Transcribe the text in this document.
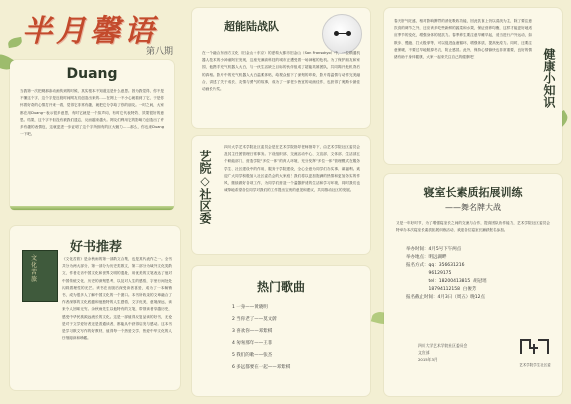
半月馨语
第八期
Duang
当我第一次把刷那条动画传到的时候，其实根本不知道这是什么意思。因为我觉得，你不是不懂这个字，这个字是近段时间网友们创造出来的……在网上一不小心就看到了它，于是你怀着好奇的心情打开来一看，觉得它非常有趣，就把它分享给了你的朋友。一时之间，大家都在用Duang~表示很多意思，有时它就是一个拟声词，有时它代表特效、效果很好的意思。结果，这个字不但没有被我们遗忘，反而越来越火。网友们利用它的影响力创造出了许多有趣的表情包，这就更进一步证明了这个字所拥有的巨大魅力……那么，你也来Duang一下吧。
好书推荐
文化苦旅
《文化苦旅》是余秋雨的第一部散文合集，也是其代表作之一。全书共分为两大部分，第一部分为历史类散文，第二部分为域外文化类散文，作者走访中国文化和世界文明的遗址，用优美的文笔表达了他对中国传统文化、历史的深刻思考，以及对人生的感悟，字里行间处处闪烁着理性的光芒。该书在出版后深受读者喜爱，成为了一本畅销书，成为很多人了解中国文化的一个窗口。本书所收录的文章融合了作者深厚的文化底蕴和他独特的人生感悟，文字优美，意境深远，读来令人回味无穷。余秋雨先生以他特有的文笔，带领读者穿越历史，感受中华民族源远流长的文化。这是一部值得反复品读的好书，无论是对于文学爱好者还是普通读者，都能从中获得启发与感动。这本书是学习散文写作的好教材，值得每一个热爱文学、热爱中华文化的人仔细阅读和珍藏。
超能陆战队
在一个融合东西方文化（旧金山＋东京）的虚构大都市旧金山（San Fransokyo）中，一位精通机器人技术的小神童阿宏发现，这座充满高科技的城市正遭受着一场神秘的危机。为了保护朋友和家园，他携手充气机器人大白，与一伙生活缺乏目标的伙伴组成了超能英雄团队，共同揭开危机背后的真相。影片中的充气机器人大白温柔体贴，给观众留下了深刻的印象，影片将温情与动作完美融合，讲述了关于成长、友情与勇气的故事，成为了一部老少皆宜的动画佳作，也获得了奥斯卡最佳动画长片奖。
艺院◇社区委
四川大学艺术学院社区委员会是在艺术学院指导老师指导下，由艺术学院社区委员会及其主任团管理日常事务。下设组织部、交流活动中心、文宣部、文体部、生活部五个职能部门，营造学院“多位一体”的育人环境，充分发挥“多位一体”管理模式在服务学生、社区建设中的作用，服务于学院建设，全心全意为同学们办实事、谋福利。欢迎广大同学积极加入社区委员会的大家庭！我们将以更加饱满的热情和更加务实的作风，继续做好各项工作，为同学们营造一个温馨舒适的生活和学习环境，同时我们也诚挚地希望各位同学对我们的工作提出宝贵的意见和建议，共同推动社区的发展。
热门歌曲
1 一身——黄晓明
2 当你老了——莫文蔚
3 喜欢你——邓紫棋
4 匆匆那年——王菲
5 我们的歌——张杰
6 多远都要在一起——邓紫棋
春天肝气旺盛，相对影响脾胃的消化吸收功能，因此饮食上仍以清淡为主，除了要注意饮食的调节之外，还应该多吃些新鲜的蔬菜和水果，保证营养均衡，这样才能更好地适应季节的变化，增强身体的抵抗力。春季养生要注意早睡早起，适当进行户外运动，如散步、慢跑、打太极拳等，可以促进血液循环，增强体质，提高免疫力。同时，还要注意保暖，不要过早地脱掉冬衣，防止感冒。此外，保持心情愉快也非常重要，良好的情绪有助于身体健康，大家一起来关注自己的健康吧！	健康小知识
寝室长素质拓展训练
——舞名牌大战
又是一年好时节，为了增强寝室长之间的交流与合作，提高团队协作能力，艺术学院社区委员会特举办本次寝室长素质拓展训练活动，欢迎各位寝室长踊跃报名参加。
举办时间：4月5号下午两点
举办地点：明远湖畔
报名方式：qq：356631216
　　　　　96129175
　　　　　tel：18200413815  胡冠瑶
　　　　　18794112158  白俊芳
报名截止时间：4月3日（周五）晚12点
四川大学艺术学院社区委员会
文宣部
2015年3月
艺术学院学生社区委
